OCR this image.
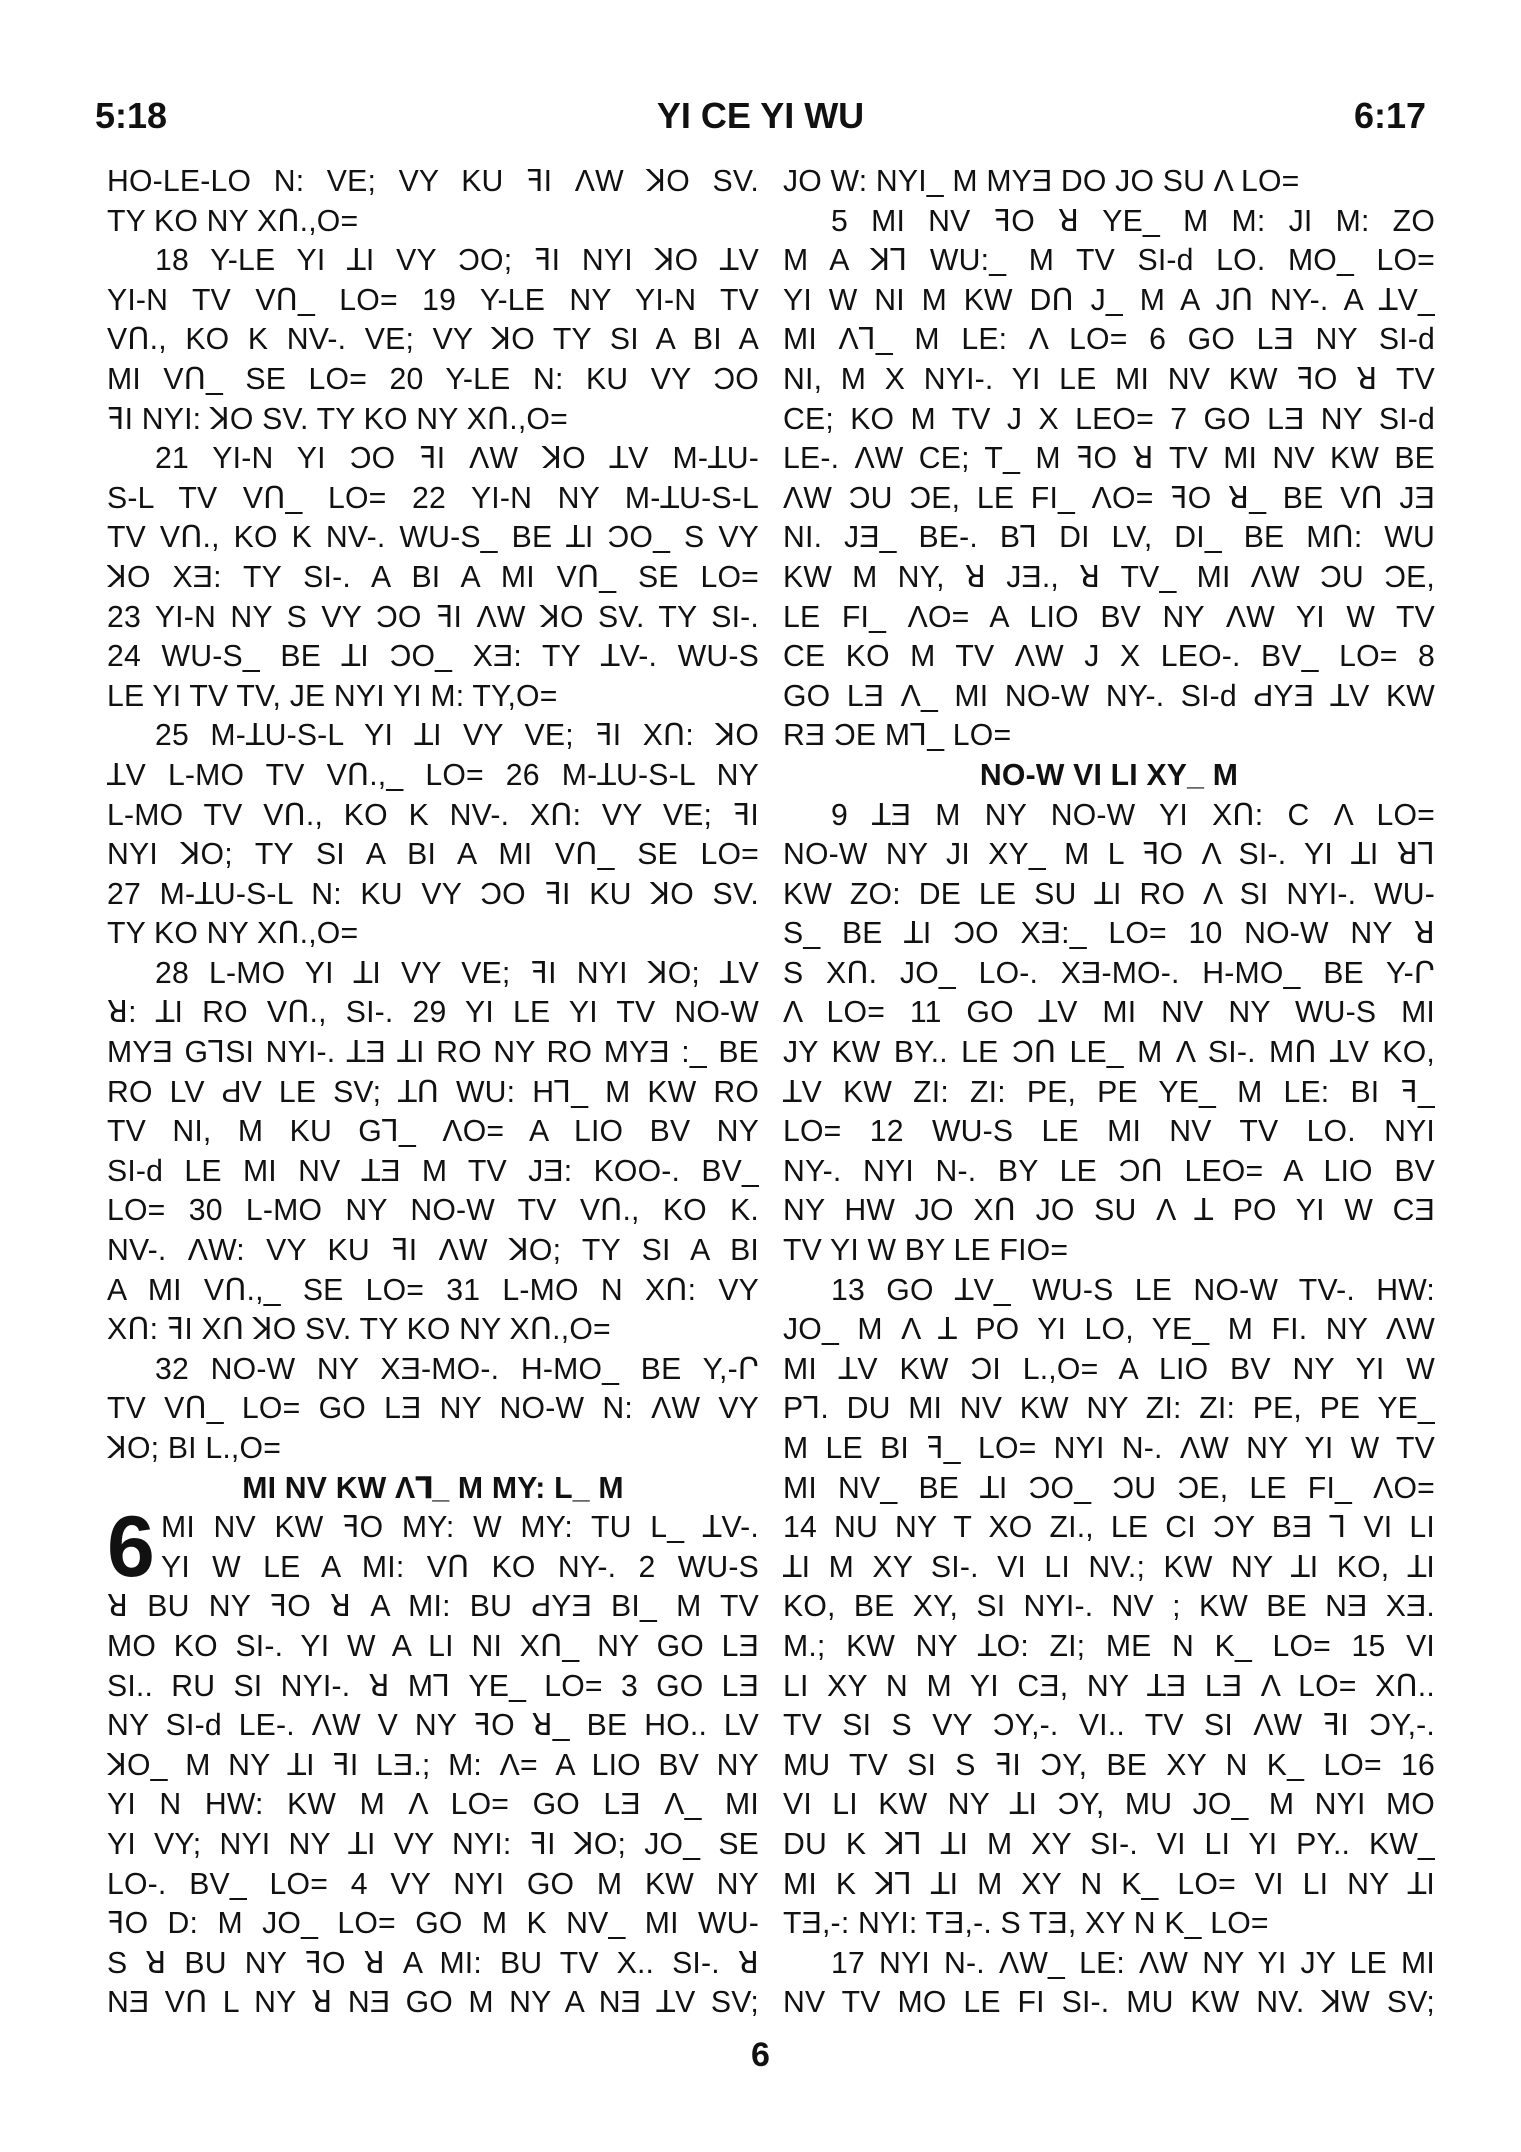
5:18	YI CE YI WU	6:17
HO-LE-LO N: VE; VY KU ꟻI ΛW ꓘO SV.
TY KO NY XՈ.,O=
18 Y-LE YI ꓕI VY ƆO; ꟻI NYI ꓘO ꓕV
YI-N TV VՈ_ LO= 19 Y-LE NY YI-N TV
VՈ., KO K NV-. VE; VY ꓘO TY SI A BI A
MI VՈ_ SE LO= 20 Y-LE N: KU VY ƆO
ꟻI NYI: ꓘO SV. TY KO NY XՈ.,O=
21 YI-N YI ƆO ꟻI ΛW ꓘO ꓕV M-ꓕU-
S-L TV VՈ_ LO= 22 YI-N NY M-ꓕU-S-L
TV VՈ., KO K NV-. WU-S_ BE ꓕI ƆO_ S VY
ꓘO XƎ: TY SI-. A BI A MI VՈ_ SE LO=
23 YI-N NY S VY ƆO ꟻI ΛW ꓘO SV. TY SI-.
24 WU-S_ BE ꓕI ƆO_ XƎ: TY ꓕV-. WU-S
LE YI TV TV, JE NYI YI M: TY,O=
25 M-ꓕU-S-L YI ꓕI VY VE; ꟻI XՈ: ꓘO
ꓕV L-MO TV VՈ.,_ LO= 26 M-ꓕU-S-L NY
L-MO TV VՈ., KO K NV-. XՈ: VY VE; ꟻI
NYI ꓘO; TY SI A BI A MI VՈ_ SE LO=
27 M-ꓕU-S-L N: KU VY ƆO ꟻI KU ꓘO SV.
TY KO NY XՈ.,O=
28 L-MO YI ꓕI VY VE; ꟻI NYI ꓘO; ꓕV
ꓤ: ꓕI RO VՈ., SI-. 29 YI LE YI TV NO-W
MYƎ GꓶSI NYI-. ꓕƎ ꓕI RO NY RO MYƎ :_ BE
RO LV ԀV LE SV; ꓕՈ WU: Hꓶ_ M KW RO
TV NI, M KU Gꓶ_ ΛO= A LIO BV NY
SI-ԁ LE MI NV ꓕƎ M TV JƎ: KOO-. BV_
LO= 30 L-MO NY NO-W TV VՈ., KO K.
NV-. ΛW: VY KU ꟻI ΛW ꓘO; TY SI A BI
A MI VՈ.,_ SE LO= 31 L-MO N XՈ: VY
XՈ: ꟻI XՈ ꓘO SV. TY KO NY XՈ.,O=
32 NO-W NY XƎ-MO-. H-MO_ BE Y,-Ր
TV VՈ_ LO= GO LƎ NY NO-W N: ΛW VY
ꓘO; BI L.,O=
MI NV KW Λꓶ_ M MY: L_ M
6 MI NV KW ꟻO MY: W MY: TU L_ ꓕV-.
YI W LE A MI: VՈ KO NY-. 2 WU-S
ꓤ BU NY ꟻO ꓤ A MI: BU ԀYƎ BI_ M TV
MO KO SI-. YI W A LI NI XՈ_ NY GO LƎ
SI.. RU SI NYI-. ꓤ Mꓶ YE_ LO= 3 GO LƎ
NY SI-ԁ LE-. ΛW V NY ꟻO ꓤ_ BE HO.. LV
ꓘO_ M NY ꓕI ꟻI LƎ.; M: Λ= A LIO BV NY
YI N HW: KW M Λ LO= GO LƎ Λ_ MI
YI VY; NYI NY ꓕI VY NYI: ꟻI ꓘO; JO_ SE
LO-. BV_ LO= 4 VY NYI GO M KW NY
ꟻO D: M JO_ LO= GO M K NV_ MI WU-
S ꓤ BU NY ꟻO ꓤ A MI: BU TV X.. SI-. ꓤ
NƎ VՈ L NY ꓤ NƎ GO M NY A NƎ ꓕV SV;
JO W: NYI_ M MYƎ DO JO SU Λ LO=
5 MI NV ꟻO ꓤ YE_ M M: JI M: ZO
M A ꓘꓶ WU:_ M TV SI-ԁ LO. MO_ LO=
YI W NI M KW DՈ J_ M A JՈ NY-. A ꓕV_
MI Λꓶ_ M LE: Λ LO= 6 GO LƎ NY SI-ԁ
NI, M X NYI-. YI LE MI NV KW ꟻO ꓤ TV
CE; KO M TV J X LEO= 7 GO LƎ NY SI-ԁ
LE-. ΛW CE; T_ M ꟻO ꓤ TV MI NV KW BE
ΛW ƆU ƆE, LE FI_ ΛO= ꟻO ꓤ_ BE VՈ JƎ
NI. JƎ_ BE-. Bꓶ DI LV, DI_ BE MՈ: WU
KW M NY, ꓤ JƎ., ꓤ TV_ MI ΛW ƆU ƆE,
LE FI_ ΛO= A LIO BV NY ΛW YI W TV
CE KO M TV ΛW J X LEO-. BV_ LO= 8
GO LƎ Λ_ MI NO-W NY-. SI-ԁ ԀYƎ ꓕV KW
RƎ ƆE Mꓶ_ LO=
NO-W VI LI XY_ M
9 ꓕƎ M NY NO-W YI XՈ: C Λ LO=
NO-W NY JI XY_ M L ꟻO Λ SI-. YI ꓕI ꓤꓶ
KW ZO: DE LE SU ꓕI RO Λ SI NYI-. WU-
S_ BE ꓕI ƆO XƎ:_ LO= 10 NO-W NY ꓤ
S XՈ. JO_ LO-. XƎ-MO-. H-MO_ BE Y-Ր
Λ LO= 11 GO ꓕV MI NV NY WU-S MI
JY KW BY.. LE ƆՈ LE_ M Λ SI-. MՈ ꓕV KO,
ꓕV KW ZI: ZI: PE, PE YE_ M LE: BI ꟻ_
LO= 12 WU-S LE MI NV TV LO. NYI
NY-. NYI N-. BY LE ƆՈ LEO= A LIO BV
NY HW JO XՈ JO SU Λ ꓕ PO YI W CƎ
TV YI W BY LE FIO=
13 GO ꓕV_ WU-S LE NO-W TV-. HW:
JO_ M Λ ꓕ PO YI LO, YE_ M FI. NY ΛW
MI ꓕV KW ƆI L.,O= A LIO BV NY YI W
Pꓶ. DU MI NV KW NY ZI: ZI: PE, PE YE_
M LE BI ꟻ_ LO= NYI N-. ΛW NY YI W TV
MI NV_ BE ꓕI ƆO_ ƆU ƆE, LE FI_ ΛO=
14 NU NY T XO ZI., LE CI ƆY BƎ ꓶ VI LI
ꓕI M XY SI-. VI LI NV.; KW NY ꓕI KO, ꓕI
KO, BE XY, SI NYI-. NV ; KW BE NƎ XƎ.
M.; KW NY ꓕO: ZI; ME N K_ LO= 15 VI
LI XY N M YI CƎ, NY ꓕƎ LƎ Λ LO= XՈ..
TV SI S VY ƆY,-. VI.. TV SI ΛW ꟻI ƆY,-.
MU TV SI S ꟻI ƆY, BE XY N K_ LO= 16
VI LI KW NY ꓕI ƆY, MU JO_ M NYI MO
DU K ꓘꓶ ꓕI M XY SI-. VI LI YI PY.. KW_
MI K ꓘꓶ ꓕI M XY N K_ LO= VI LI NY ꓕI
TƎ,-: NYI: TƎ,-. S TƎ, XY N K_ LO=
17 NYI N-. ΛW_ LE: ΛW NY YI JY LE MI
NV TV MO LE FI SI-. MU KW NV. ꓘW SV;
6
